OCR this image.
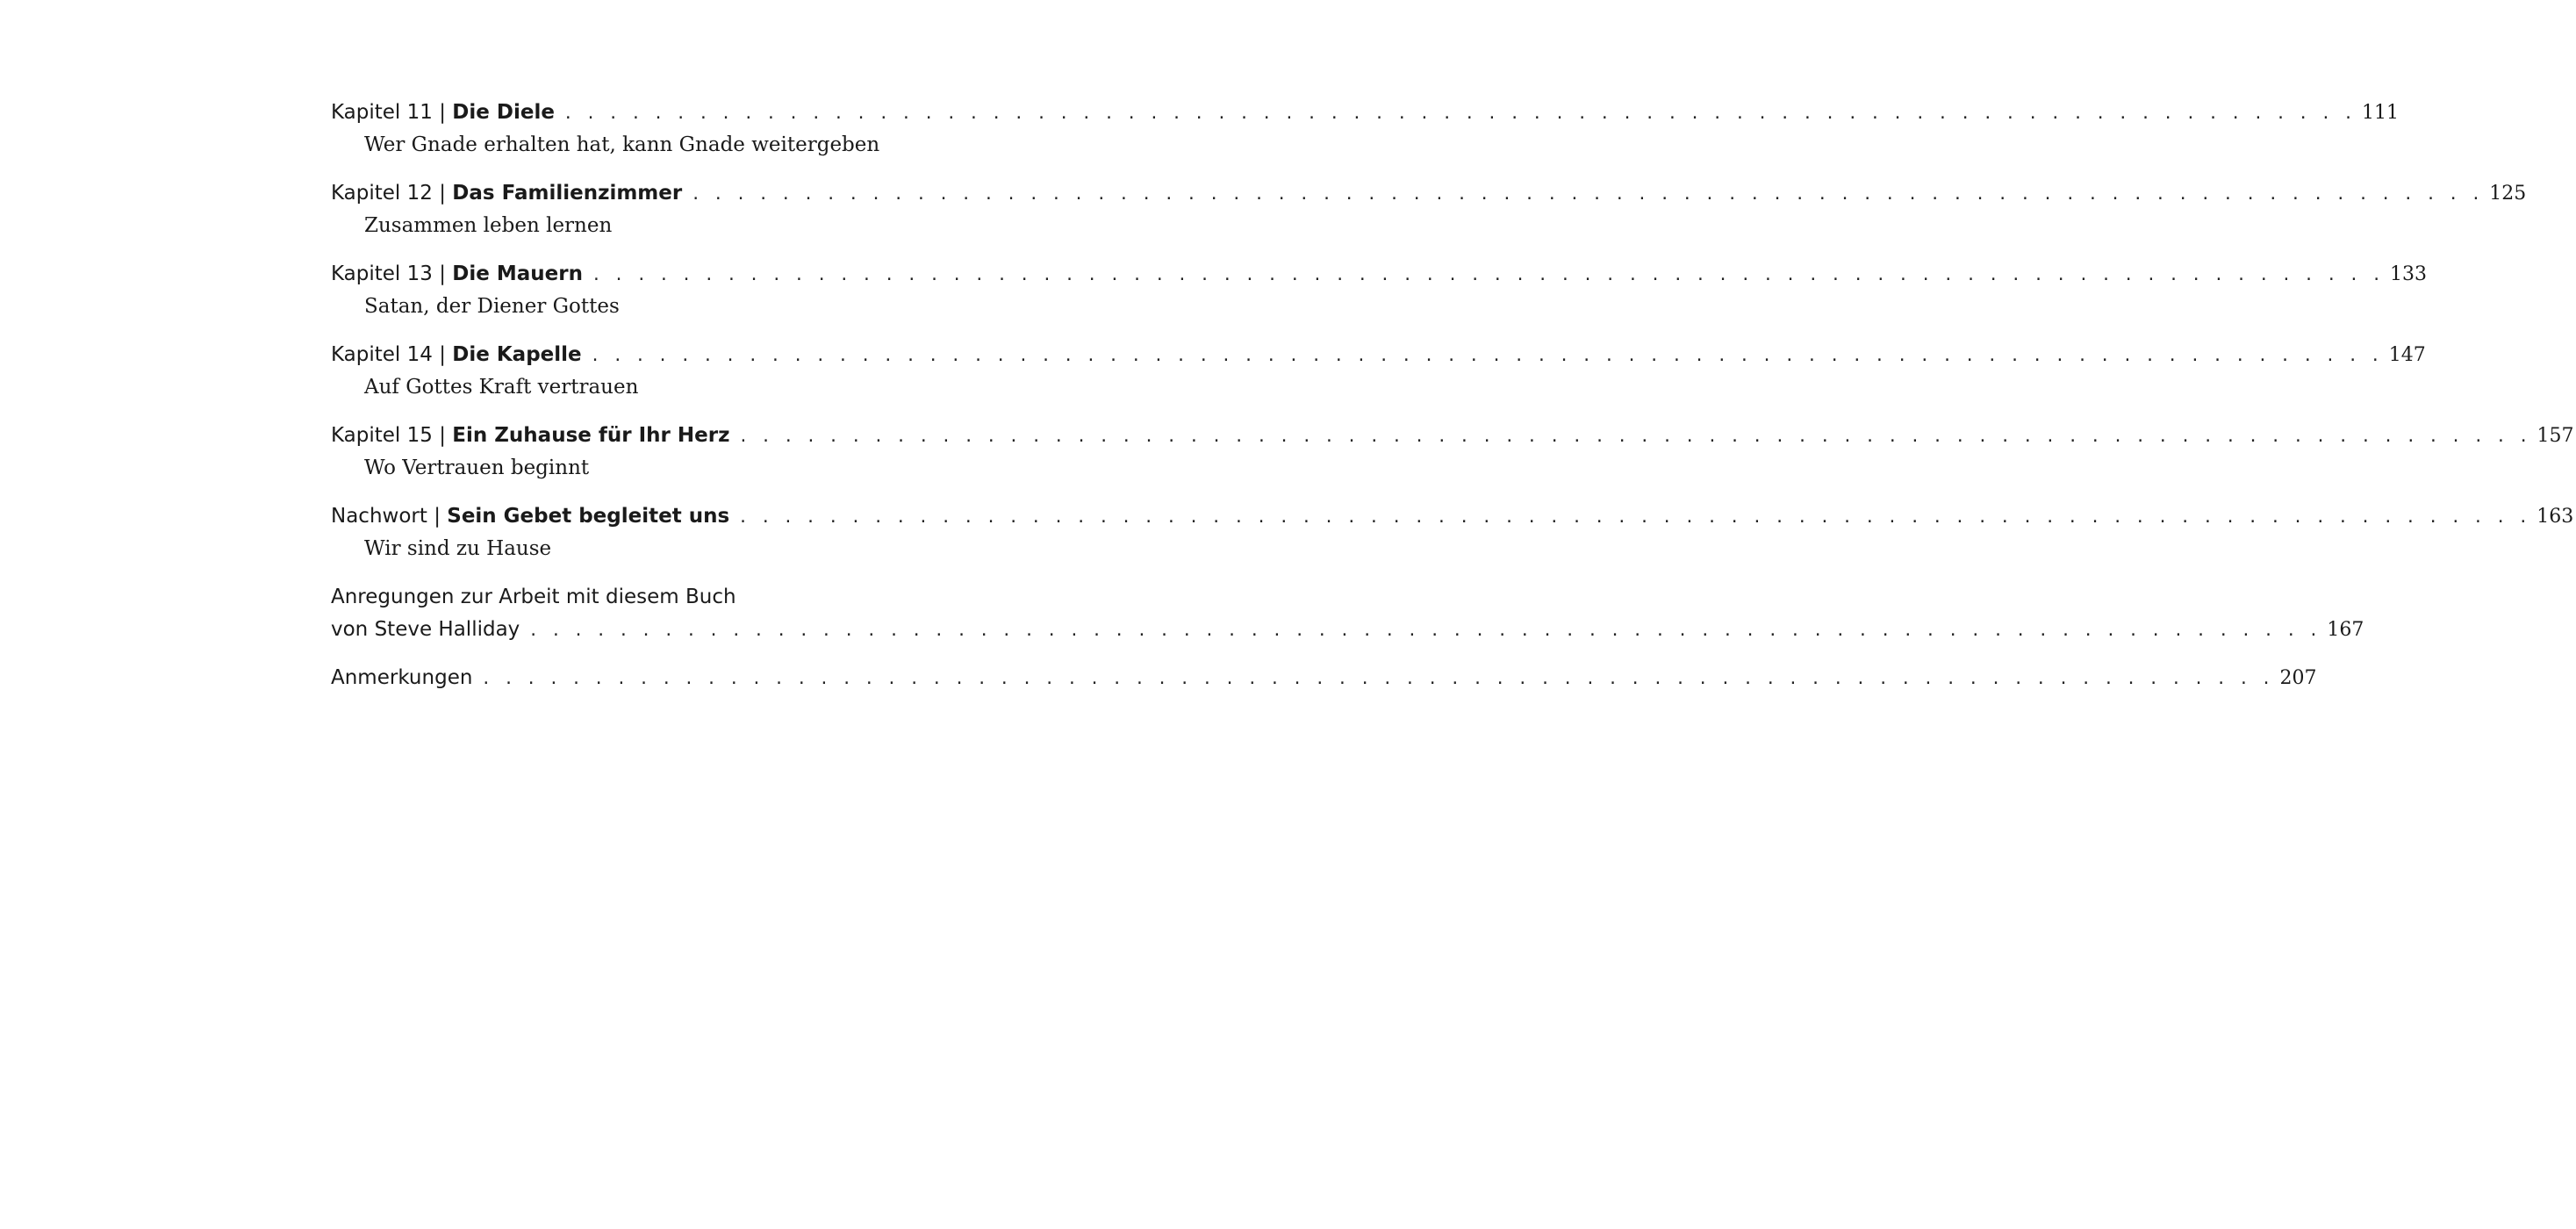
Kapitel 11 | Die Diele . . . . . . . . . . . . . . . . . . . . . . . . . . . . . . . . . . . . . . . . . . . . . . . . . . . . . . . . . . . . . . . . . . . . . . . . . . . . . . . . 111
Wer Gnade erhalten hat, kann Gnade weitergeben
Kapitel 12 | Das Familienzimmer . . . . . . . . . . . . . . . . . . . . . . . . . . . . . . . . . . . . . . . . . . . . . . . . . . . . . . . . . . . . . . . . . . . . . . . . . . . . . . . . 125
Zusammen leben lernen
Kapitel 13 | Die Mauern . . . . . . . . . . . . . . . . . . . . . . . . . . . . . . . . . . . . . . . . . . . . . . . . . . . . . . . . . . . . . . . . . . . . . . . . . . . . . . . . 133
Satan, der Diener Gottes
Kapitel 14 | Die Kapelle . . . . . . . . . . . . . . . . . . . . . . . . . . . . . . . . . . . . . . . . . . . . . . . . . . . . . . . . . . . . . . . . . . . . . . . . . . . . . . . . 147
Auf Gottes Kraft vertrauen
Kapitel 15 | Ein Zuhause für Ihr Herz . . . . . . . . . . . . . . . . . . . . . . . . . . . . . . . . . . . . . . . . . . . . . . . . . . . . . . . . . . . . . . . . . . . . . . . . . . . . . . . . 157
Wo Vertrauen beginnt
Nachwort | Sein Gebet begleitet uns . . . . . . . . . . . . . . . . . . . . . . . . . . . . . . . . . . . . . . . . . . . . . . . . . . . . . . . . . . . . . . . . . . . . . . . . . . . . . . . . 163
Wir sind zu Hause
Anregungen zur Arbeit mit diesem Buch
von Steve Halliday . . . . . . . . . . . . . . . . . . . . . . . . . . . . . . . . . . . . . . . . . . . . . . . . . . . . . . . . . . . . . . . . . . . . . . . . . . . . . . . . 167
Anmerkungen . . . . . . . . . . . . . . . . . . . . . . . . . . . . . . . . . . . . . . . . . . . . . . . . . . . . . . . . . . . . . . . . . . . . . . . . . . . . . . . . 207
